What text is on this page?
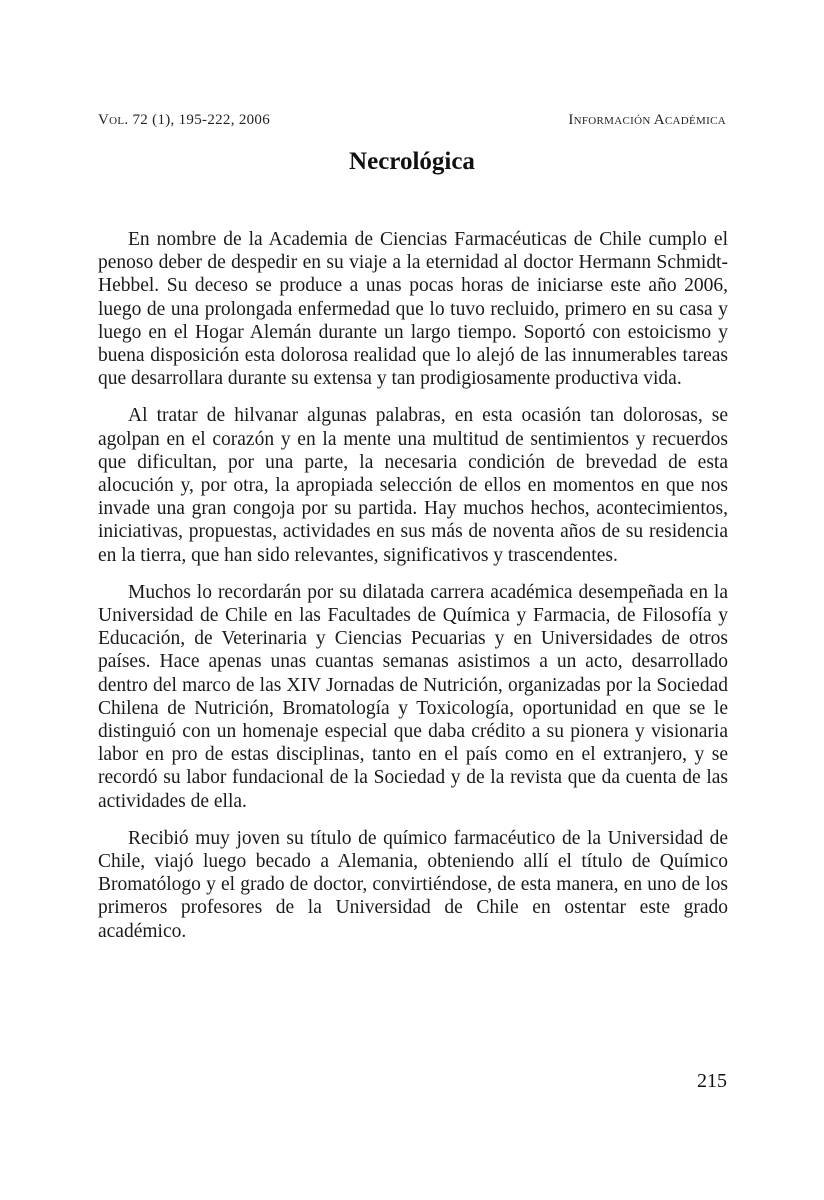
Vol. 72 (1), 195-222, 2006	Información Académica
Necrológica

En nombre de la Academia de Ciencias Farmacéuticas de Chile cumplo el penoso deber de despedir en su viaje a la eternidad al doctor Hermann Schmidt-Hebbel. Su deceso se produce a unas pocas horas de iniciarse este año 2006, luego de una prolongada enfermedad que lo tuvo recluido, primero en su casa y luego en el Hogar Alemán durante un largo tiempo. Soportó con estoicismo y buena disposición esta dolorosa realidad que lo alejó de las innumerables tareas que desarrollara durante su extensa y tan prodigiosamente productiva vida.

Al tratar de hilvanar algunas palabras, en esta ocasión tan dolorosas, se agolpan en el corazón y en la mente una multitud de sentimientos y recuerdos que dificultan, por una parte, la necesaria condición de brevedad de esta alocución y, por otra, la apropiada selección de ellos en momentos en que nos invade una gran congoja por su partida. Hay muchos hechos, acontecimientos, iniciativas, propuestas, actividades en sus más de noventa años de su residencia en la tierra, que han sido relevantes, significativos y trascendentes.

Muchos lo recordarán por su dilatada carrera académica desempeñada en la Universidad de Chile en las Facultades de Química y Farmacia, de Filosofía y Educación, de Veterinaria y Ciencias Pecuarias y en Universidades de otros países. Hace apenas unas cuantas semanas asistimos a un acto, desarrollado dentro del marco de las XIV Jornadas de Nutrición, organizadas por la Sociedad Chilena de Nutrición, Bromatología y Toxicología, oportunidad en que se le distinguió con un homenaje especial que daba crédito a su pionera y visionaria labor en pro de estas disciplinas, tanto en el país como en el extranjero, y se recordó su labor fundacional de la Sociedad y de la revista que da cuenta de las actividades de ella.

Recibió muy joven su título de químico farmacéutico de la Universidad de Chile, viajó luego becado a Alemania, obteniendo allí el título de Químico Bromatólogo y el grado de doctor, convirtiéndose, de esta manera, en uno de los primeros profesores de la Universidad de Chile en ostentar este grado académico.

215
